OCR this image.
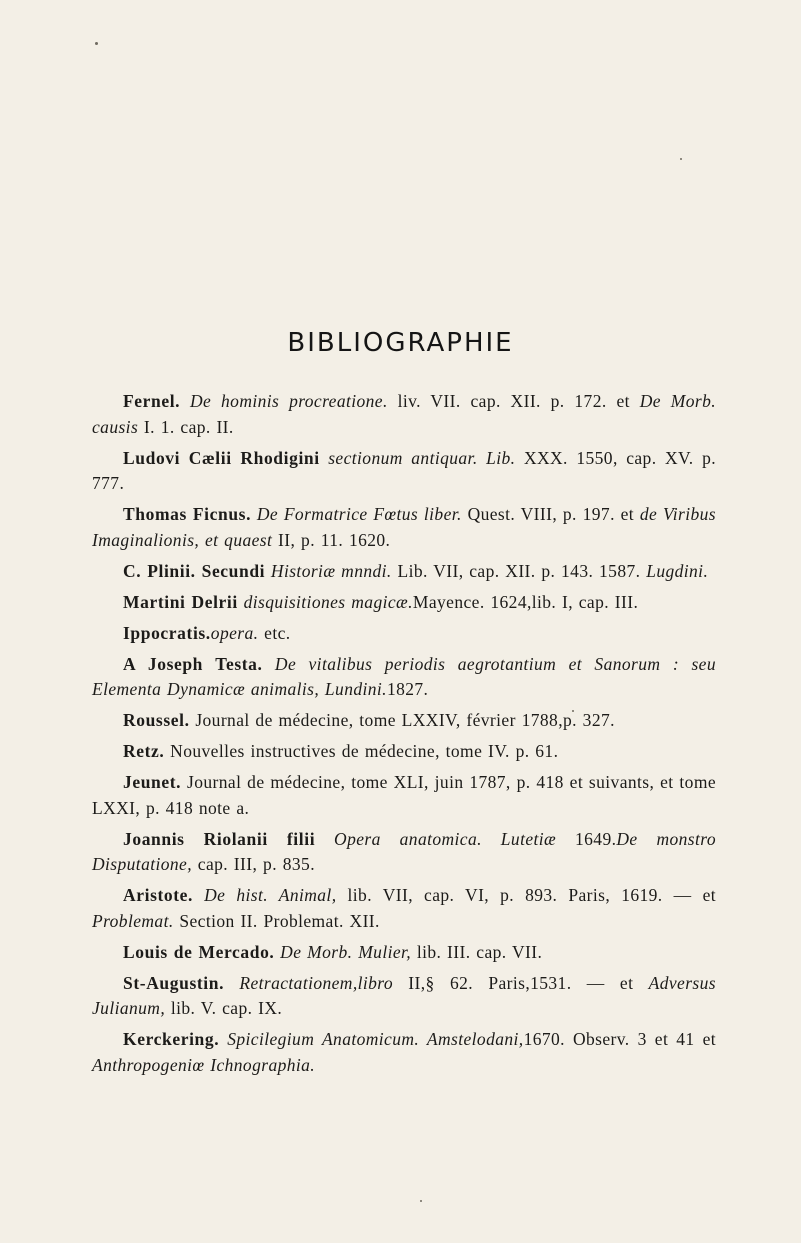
BIBLIOGRAPHIE

Fernel. De hominis procreatione. liv. VII. cap. XII. p. 172. et De Morb. causis I. 1. cap. II.

Ludovi Cælii Rhodigini sectionum antiquar. Lib. XXX. 1550, cap. XV. p. 777.

Thomas Ficnus. De Formatrice Fœtus liber. Quest. VIII, p. 197. et de Viribus Imaginalionis, et quaest II, p. 11. 1620.

C. Plinii. Secundi Historiæ mnndi. Lib. VII, cap. XII. p. 143. 1587. Lugdini.

Martini Delrii disquisitiones magicæ.Mayence. 1624,lib. I, cap. III.

Ippocratis.opera. etc.

A Joseph Testa. De vitalibus periodis aegrotantium et Sanorum : seu Elementa Dynamicæ animalis, Lundini.1827.

Roussel. Journal de médecine, tome LXXIV, février 1788,p. 327.

Retz. Nouvelles instructives de médecine, tome IV. p. 61.

Jeunet. Journal de médecine, tome XLI, juin 1787, p. 418 et suivants, et tome LXXI, p. 418 note a.

Joannis Riolanii filii Opera anatomica. Lutetiæ 1649.De monstro Disputatione, cap. III, p. 835.

Aristote. De hist. Animal, lib. VII, cap. VI, p. 893. Paris, 1619. — et Problemat. Section II. Problemat. XII.

Louis de Mercado. De Morb. Mulier, lib. III. cap. VII.

St-Augustin. Retractationem,libro II,§ 62. Paris,1531. — et Adversus Julianum, lib. V. cap. IX.

Kerckering. Spicilegium Anatomicum. Amstelodani,1670. Observ. 3 et 41 et Anthropogeniœ Ichnographia.
